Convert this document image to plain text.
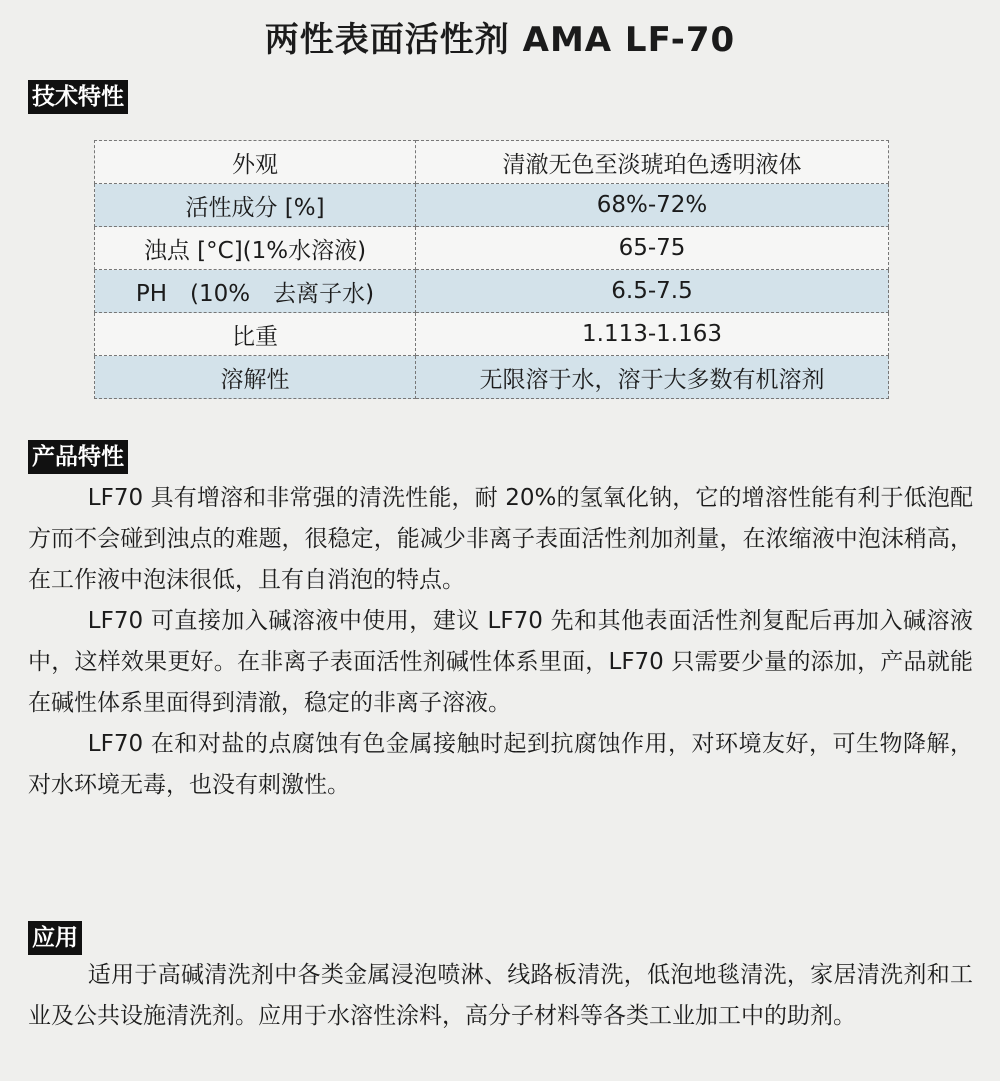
两性表面活性剂 AMA LF-70
技术特性
外观	清澈无色至淡琥珀色透明液体
活性成分 [%]	68%-72%
浊点 [°C](1%水溶液)	65-75
PH　(10%　去离子水)	6.5-7.5
比重	1.113-1.163
溶解性	无限溶于水，溶于大多数有机溶剂
产品特性

LF70 具有增溶和非常强的清洗性能，耐 20%的氢氧化钠，它的增溶性能有利于低泡配方而不会碰到浊点的难题，很稳定，能减少非离子表面活性剂加剂量，在浓缩液中泡沫稍高，在工作液中泡沫很低，且有自消泡的特点。

LF70 可直接加入碱溶液中使用，建议 LF70 先和其他表面活性剂复配后再加入碱溶液中，这样效果更好。在非离子表面活性剂碱性体系里面，LF70 只需要少量的添加，产品就能在碱性体系里面得到清澈，稳定的非离子溶液。

LF70 在和对盐的点腐蚀有色金属接触时起到抗腐蚀作用，对环境友好，可生物降解，对水环境无毒，也没有刺激性。

应用

适用于高碱清洗剂中各类金属浸泡喷淋、线路板清洗，低泡地毯清洗，家居清洗剂和工业及公共设施清洗剂。应用于水溶性涂料，高分子材料等各类工业加工中的助剂。
